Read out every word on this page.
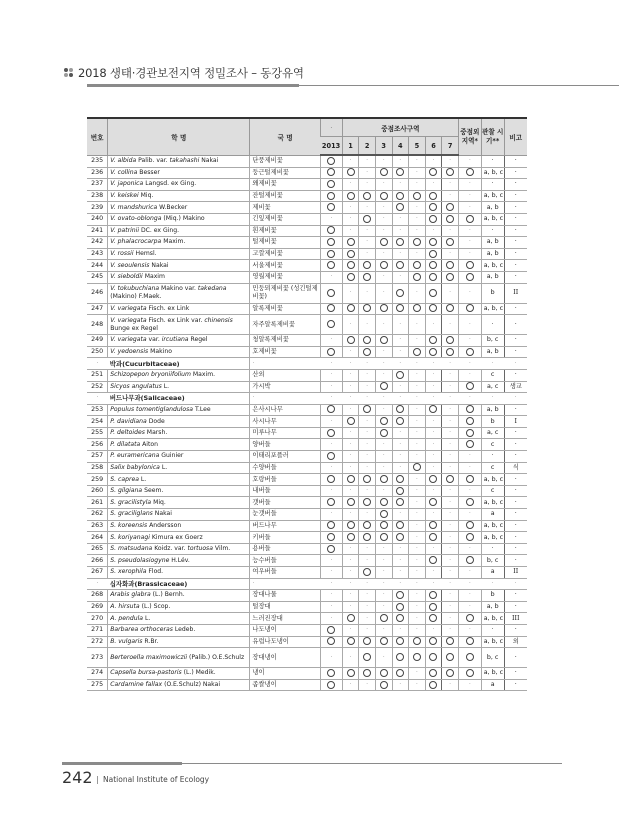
2018 생태·경관보전지역 정밀조사 – 동강유역
번호	학 명	국 명	·	중점조사구역							중점외 지역*	관찰 시기**	비고
			2013	1	2	3	4	5	6	7			
235	V. albida Palib. var. takahashi Nakai	단풍제비꽃		·	·	·	·	·	·	·	·	·	·
236	V. collina Besser	둥근털제비꽃			·			·				a, b, c	·
237	V. japonica Langsd. ex Ging.	왜제비꽃		·	·	·	·	·	·	·	·	·	·
238	V. keiskei Miq.	잔털제비꽃								·	·	a, b, c	·
239	V. mandshurica W.Becker	제비꽃		·	·	·		·			·	a, b	·
240	V. ovato-oblonga (Miq.) Makino	긴잎제비꽃	·	·		·	·	·				a, b, c	·
241	V. patrinii DC. ex Ging.	흰제비꽃		·	·	·	·	·	·	·	·	·	·
242	V. phalacrocarpa Maxim.	털제비꽃			·						·	a, b	·
243	V. rossii Hemsl.	고깔제비꽃			·	·	·	·		·	·	a, b	·
244	V. seoulensis Nakai	서울제비꽃										a, b, c	·
245	V. sieboldii Maxim	영월제비꽃	·			·	·					a, b	·
246	V. tokubuchiana Makino var. takedana (Makino) F.Maek.	민둥뫼제비꽃 (성긴털제비꽃)		·	·	·		·		·	·	b	II
247	V. variegata Fisch. ex Link	알록제비꽃										a, b, c	·
248	V. variegata Fisch. ex Link var. chinensis Bunge ex Regel	자주알록제비꽃		·	·	·	·	·	·	·	·	·	·
249	V. variegata var. ircutiana Regel	청알록제비꽃	·				·	·			·	b, c	·
250	V. yedoensis Makino	호제비꽃		·		·	·					a, b	·
·	박과(Cucurbitaceae)	·	·	·	·	·	·	·	·	·	·	·	·
251	Schizopepon bryoniifolium Maxim.	산외	·	·	·	·		·	·	·	·	c	·
252	Sicyos angulatus L.	가시박	·	·	·		·	·	·	·		a, c	생교
·	버드나무과(Salicaceae)	·	·	·	·	·	·	·	·	·	·	·	·
253	Populus tomentiglandulosa T.Lee	은사시나무		·		·		·		·		a, b	·
254	P. davidiana Dode	사시나무	·		·			·	·	·		b	I
255	P. deltoides Marsh.	미루나무		·	·		·	·	·	·		a, c	·
256	P. dilatata Aiton	양버들	·	·	·	·	·	·	·	·		c	·
257	P. euramericana Guinier	이태리포플러		·	·	·	·	·	·	·	·	·	·
258	Salix babylonica L.	수양버들	·	·	·	·	·		·	·	·	c	식
259	S. caprea L.	호랑버들						·				a, b, c	·
260	S. gilgiana Seem.	내버들	·	·	·	·		·	·	·	·	c	·
261	S. gracilistyla Miq.	갯버들						·		·		a, b, c	·
262	S. graciliglans Nakai	눈갯버들	·	·	·		·	·	·	·	·	a	·
263	S. koreensis Andersson	버드나무						·		·		a, b, c	·
264	S. koriyanagi Kimura ex Goerz	키버들						·		·		a, b, c	·
265	S. matsudana Koidz. var. tortuosa Vilm.	용버들		·	·	·	·	·	·	·	·	·	·
266	S. pseudolasiogyne H.Lév.	능수버들	·	·	·	·	·	·		·		b, c	·
267	S. xerophila Flod.	여우버들	·	·		·	·	·	·	·	·	a	II
·	십자화과(Brassicaceae)	·	·	·	·	·	·	·	·	·	·	·	·
268	Arabis glabra (L.) Bernh.	장대나물	·	·	·	·		·		·	·	b	·
269	A. hirsuta (L.) Scop.	털장대	·	·	·	·		·		·	·	a, b	·
270	A. pendula L.	느러진장대	·		·			·		·		a, b, c	III
271	Barbarea orthoceras Ledeb.	나도냉이		·	·	·	·	·	·	·	·	·	·
272	B. vulgaris R.Br.	유럽나도냉이										a, b, c	외
273	Berteroella maximowiczii (Palib.) O.E.Schulz	장대냉이	·	·		·						b, c	·
274	Capsella bursa-pastoris (L.) Medik.	냉이						·				a, b, c	·
275	Cardamine fallax (O.E.Schulz) Nakai	좁쌀냉이		·	·		·	·		·	·	a	·
242 | National Institute of Ecology
